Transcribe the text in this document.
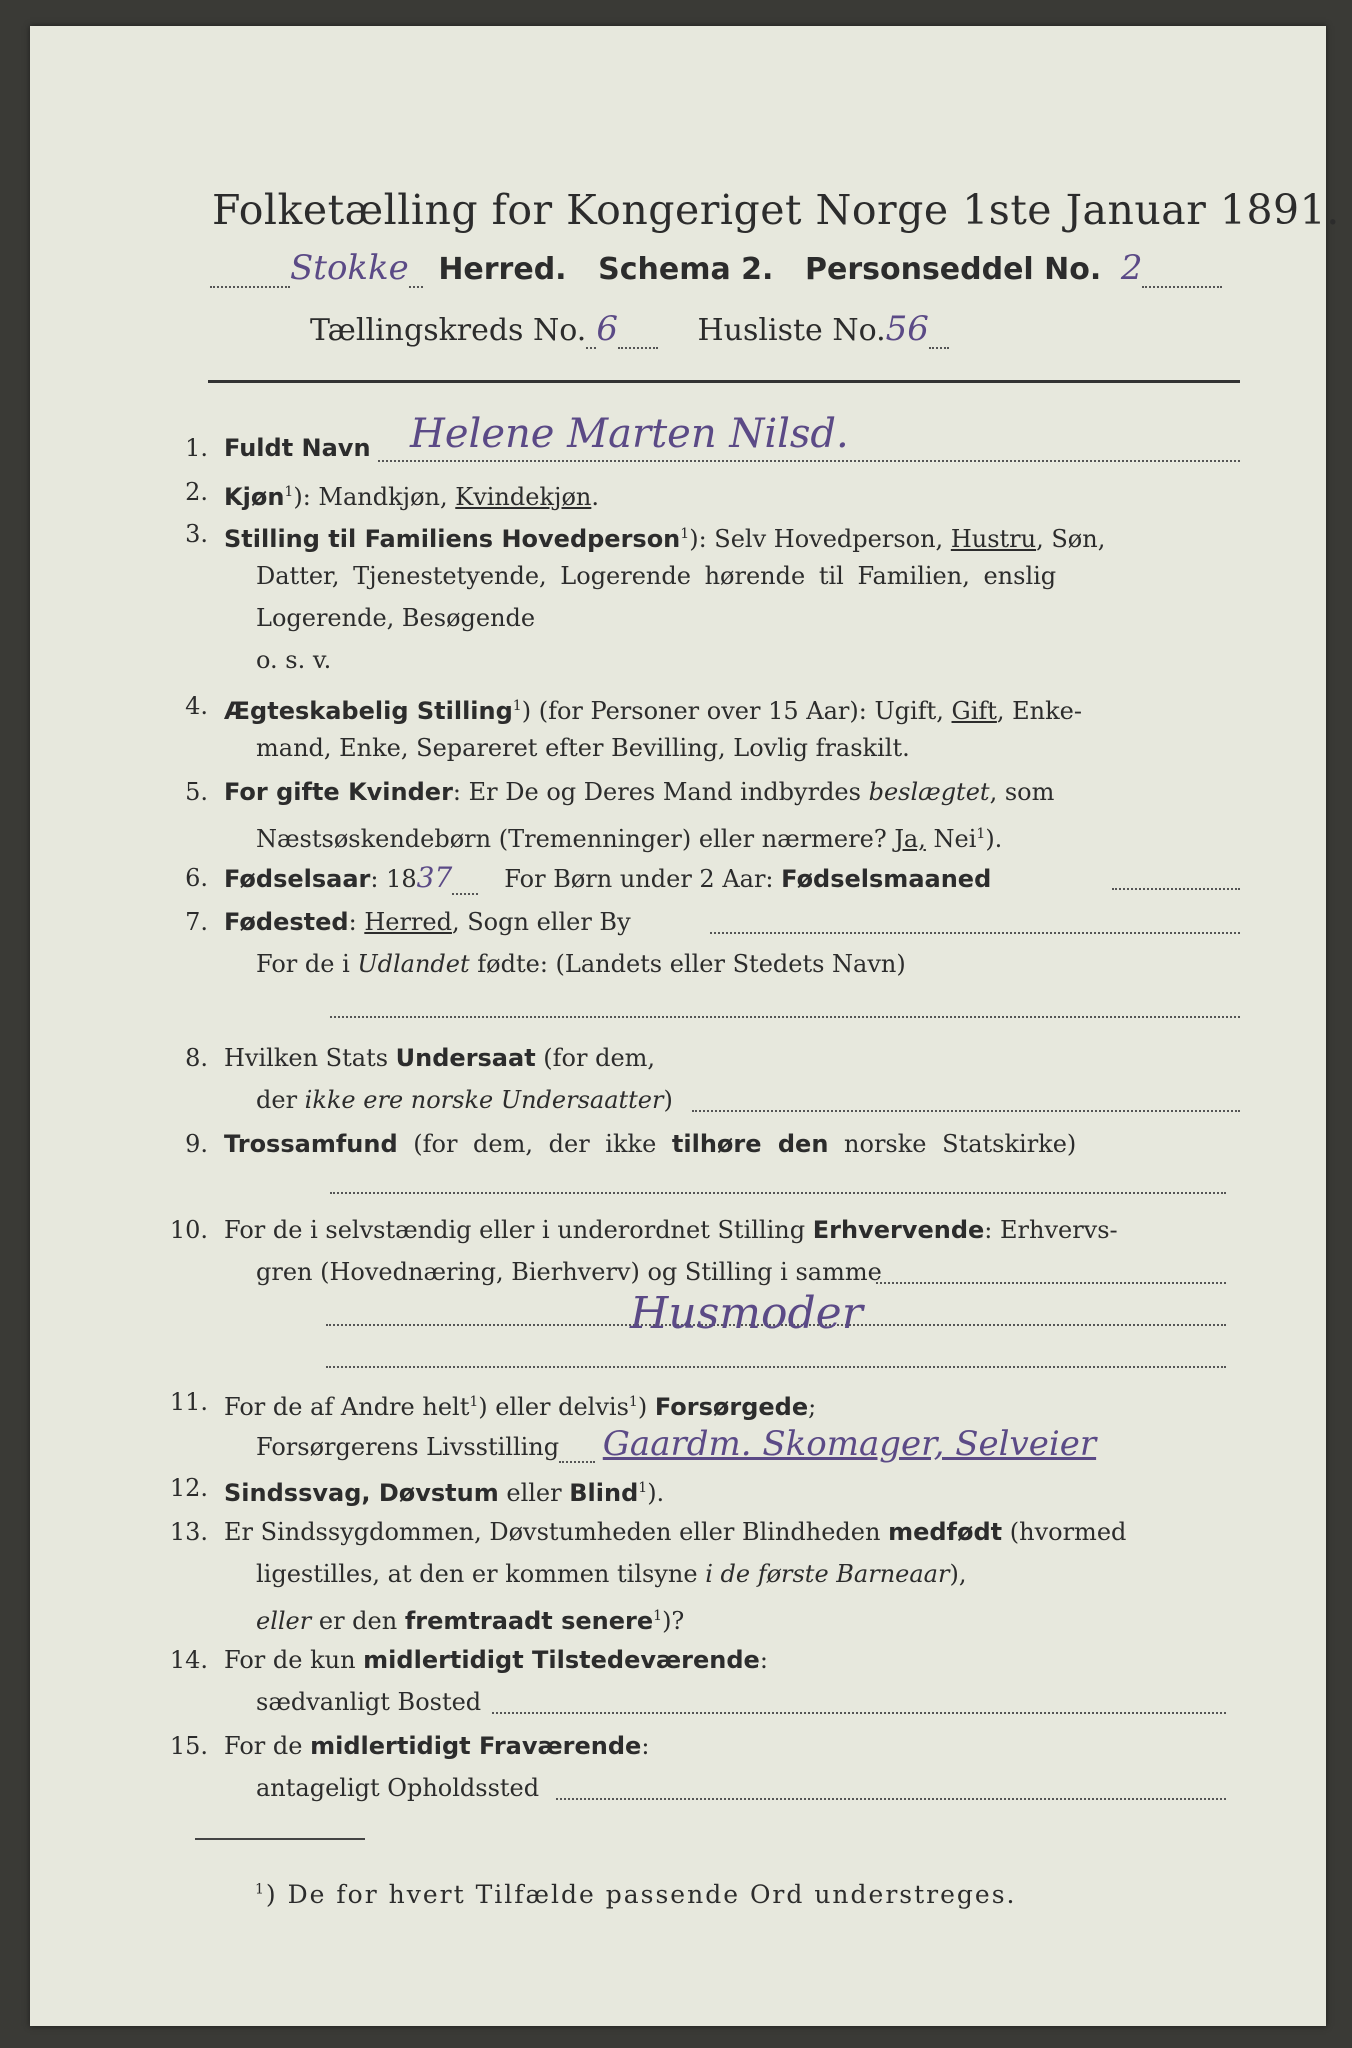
Folketælling for Kongeriget Norge 1ste Januar 1891.
Stokke Herred. Schema 2. Personseddel No. 2
Tællingskreds No. 6	Husliste No.56
1. Fuldt Navn Helene Marten Nilsd.
2. Kjøn$^1$): Mandkjøn, Kvindekjøn.
3. Stilling til Familiens Hovedperson$^1$): Selv Hovedperson, Hustru, Søn,
Datter, Tjenestetyende, Logerende hørende til Familien, enslig
Logerende, Besøgende
o. s. v.
4. Ægteskabelig Stilling$^1$) (for Personer over 15 Aar): Ugift, Gift, Enke-
mand, Enke, Separeret efter Bevilling, Lovlig fraskilt.
5. For gifte Kvinder: Er De og Deres Mand indbyrdes beslægtet, som
Næstsøskendebørn (Tremenninger) eller nærmere? Ja, Nei$^1$).
6. Fødselsaar: 1837 For Børn under 2 Aar: Fødselsmaaned
7. Fødested: Herred, Sogn eller By
For de i Udlandet fødte: (Landets eller Stedets Navn)
8. Hvilken Stats Undersaat (for dem,
der ikke ere norske Undersaatter)
9. Trossamfund (for dem, der ikke tilhøre den norske Statskirke)
10. For de i selvstændig eller i underordnet Stilling Erhvervende: Erhvervs-
gren (Hovednæring, Bierhverv) og Stilling i samme
Husmoder
11. For de af Andre helt$^1$) eller delvis$^1$) Forsørgede;
Forsørgerens Livsstilling Gaardm. Skomager, Selveier
12. Sindssvag, Døvstum eller Blind$^1$).
13. Er Sindssygdommen, Døvstumheden eller Blindheden medfødt (hvormed
ligestilles, at den er kommen tilsyne i de første Barneaar),
eller er den fremtraadt senere$^1$)?
14. For de kun midlertidigt Tilstedeværende:
sædvanligt Bosted
15. For de midlertidigt Fraværende:
antageligt Opholdssted
$^1$) De for hvert Tilfælde passende Ord understreges.
